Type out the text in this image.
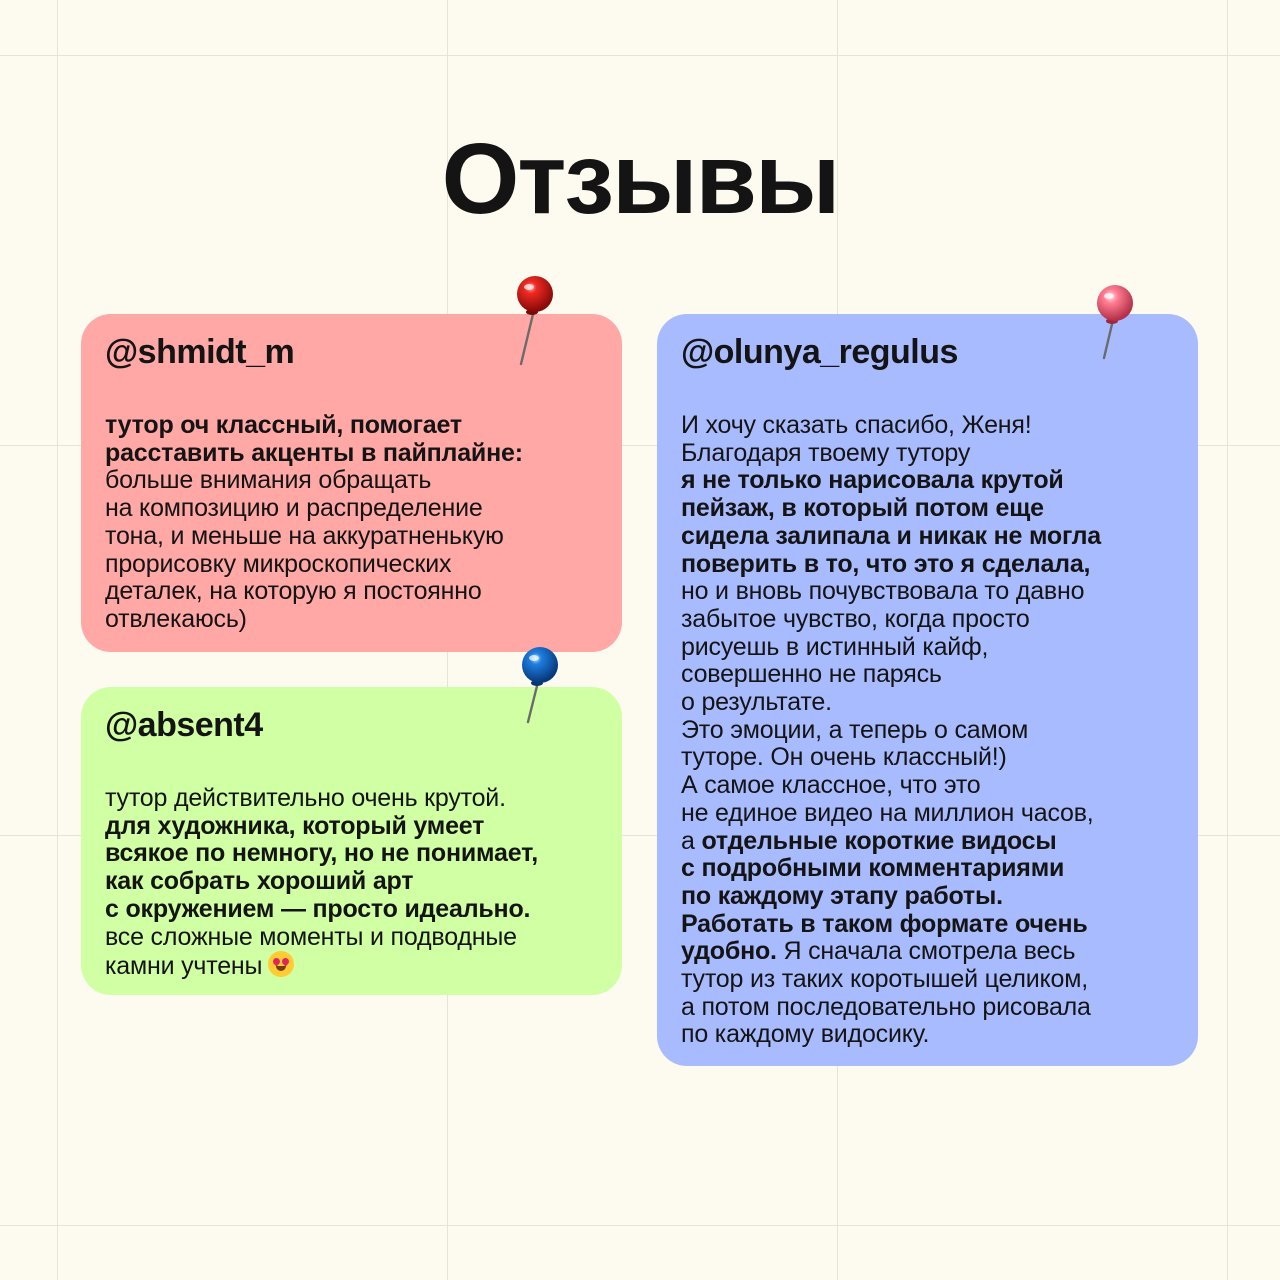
Отзывы
@shmidt_m
тутор оч классный, помогает
расставить акценты в пайплайне:
больше внимания обращать
на композицию и распределение
тона, и меньше на аккуратненькую
прорисовку микроскопических
деталек, на которую я постоянно
отвлекаюсь)
@absent4
тутор действительно очень крутой.
для художника, который умеет
всякое по немногу, но не понимает,
как собрать хороший арт
с окружением — просто идеально.
все сложные моменты и подводные
камни учтены
@olunya_regulus
И хочу сказать спасибо, Женя!
Благодаря твоему тутору
я не только нарисовала крутой
пейзаж, в который потом еще
сидела залипала и никак не могла
поверить в то, что это я сделала,
но и вновь почувствовала то давно
забытое чувство, когда просто
рисуешь в истинный кайф,
совершенно не парясь
о результате.
Это эмоции, а теперь о самом
туторе. Он очень классный!)
А самое классное, что это
не единое видео на миллион часов,
а отдельные короткие видосы
с подробными комментариями
по каждому этапу работы.
Работать в таком формате очень
удобно. Я сначала смотрела весь
тутор из таких коротышей целиком,
а потом последовательно рисовала
по каждому видосику.
